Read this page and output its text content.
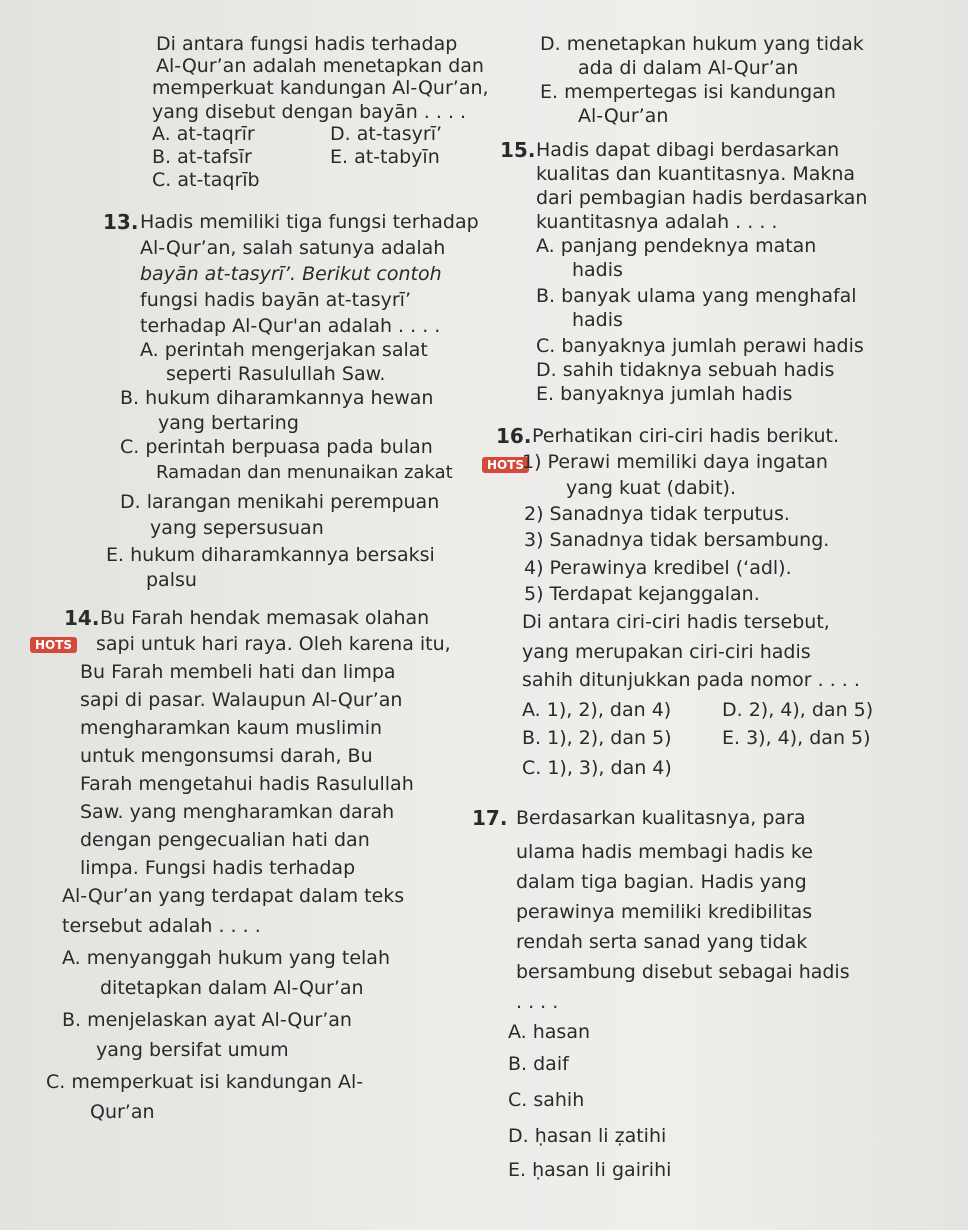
Di antara fungsi hadis terhadap
Al-Qur’an adalah menetapkan dan
memperkuat kandungan Al-Qur’an,
yang disebut dengan bayān . . . .
A. at-taqrīr	D. at-tasyrī’
B. at-tafsīr	E. at-tabyīn
C. at-taqrīb
13. Hadis memiliki tiga fungsi terhadap
Al-Qur’an, salah satunya adalah
bayān at-tasyrī’. Berikut contoh
fungsi hadis bayān at-tasyrī’
terhadap Al-Qur'an adalah . . . .
A. perintah mengerjakan salat
seperti Rasulullah Saw.
B. hukum diharamkannya hewan
yang bertaring
C. perintah berpuasa pada bulan
Ramadan dan menunaikan zakat
D. larangan menikahi perempuan
yang sepersusuan
E. hukum diharamkannya bersaksi
palsu
14. Bu Farah hendak memasak olahan
HOTS sapi untuk hari raya. Oleh karena itu,
Bu Farah membeli hati dan limpa
sapi di pasar. Walaupun Al-Qur’an
mengharamkan kaum muslimin
untuk mengonsumsi darah, Bu
Farah mengetahui hadis Rasulullah
Saw. yang mengharamkan darah
dengan pengecualian hati dan
limpa. Fungsi hadis terhadap
Al-Qur’an yang terdapat dalam teks
tersebut adalah . . . .
A. menyanggah hukum yang telah
ditetapkan dalam Al-Qur’an
B. menjelaskan ayat Al-Qur’an
yang bersifat umum
C. memperkuat isi kandungan Al-
Qur’an
D. menetapkan hukum yang tidak
ada di dalam Al-Qur’an
E. mempertegas isi kandungan
Al-Qur’an
15. Hadis dapat dibagi berdasarkan
kualitas dan kuantitasnya. Makna
dari pembagian hadis berdasarkan
kuantitasnya adalah . . . .
A. panjang pendeknya matan
hadis
B. banyak ulama yang menghafal
hadis
C. banyaknya jumlah perawi hadis
D. sahih tidaknya sebuah hadis
E. banyaknya jumlah hadis
16. Perhatikan ciri-ciri hadis berikut.
HOTS
1) Perawi memiliki daya ingatan
yang kuat (dabit).
2) Sanadnya tidak terputus.
3) Sanadnya tidak bersambung.
4) Perawinya kredibel (‘adl).
5) Terdapat kejanggalan.
Di antara ciri-ciri hadis tersebut,
yang merupakan ciri-ciri hadis
sahih ditunjukkan pada nomor . . . .
A. 1), 2), dan 4)	D. 2), 4), dan 5)
B. 1), 2), dan 5)	E. 3), 4), dan 5)
C. 1), 3), dan 4)
17. Berdasarkan kualitasnya, para
ulama hadis membagi hadis ke
dalam tiga bagian. Hadis yang
perawinya memiliki kredibilitas
rendah serta sanad yang tidak
bersambung disebut sebagai hadis
. . . .
A. hasan
B. daif
C. sahih
D. ḥasan li ẓatihi
E. ḥasan li gairihi
